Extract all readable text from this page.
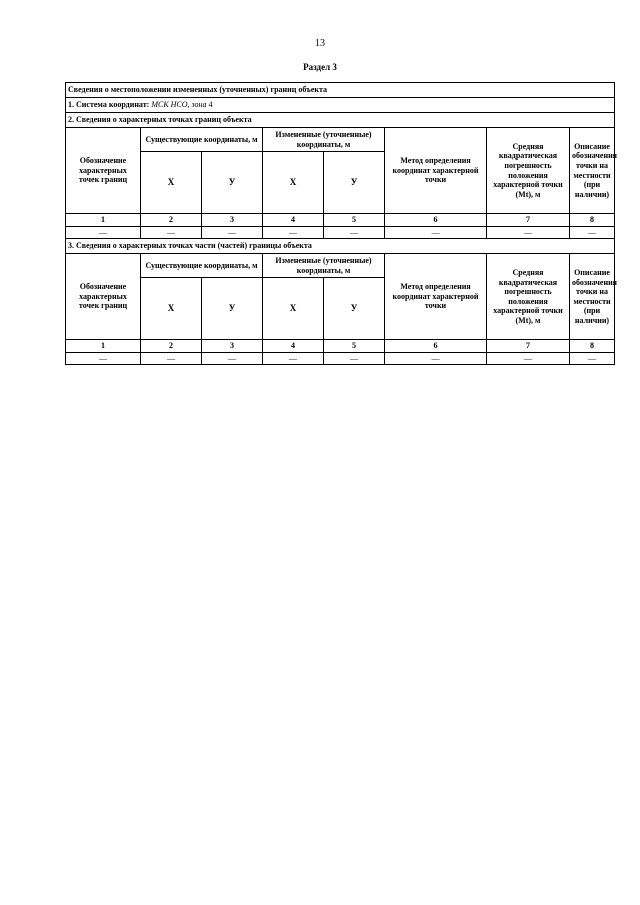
13
Раздел 3
Сведения о местоположении измененных (уточненных) границ объекта							
1. Система координат: МСК НСО, зона 4							
2. Сведения о характерных точках границ объекта							
Обозначение характерных точек границ	Существующие координаты, м		Измененные (уточненные) координаты, м		Метод определения координат характерной точки	Средняя квадратическая погрешность положения характерной точки (Mt), м	Описание обозначения точки на местности (при наличии)
	Х	У	Х	У			
1	2	3	4	5	6	7	8
—	—	—	—	—	—	—	—
3. Сведения о характерных точках части (частей) границы объекта							
Обозначение характерных точек границ	Существующие координаты, м		Измененные (уточненные) координаты, м		Метод определения координат характерной точки	Средняя квадратическая погрешность положения характерной точки (Mt), м	Описание обозначения точки на местности (при наличии)
	Х	У	Х	У			
1	2	3	4	5	6	7	8
—	—	—	—	—	—	—	—
